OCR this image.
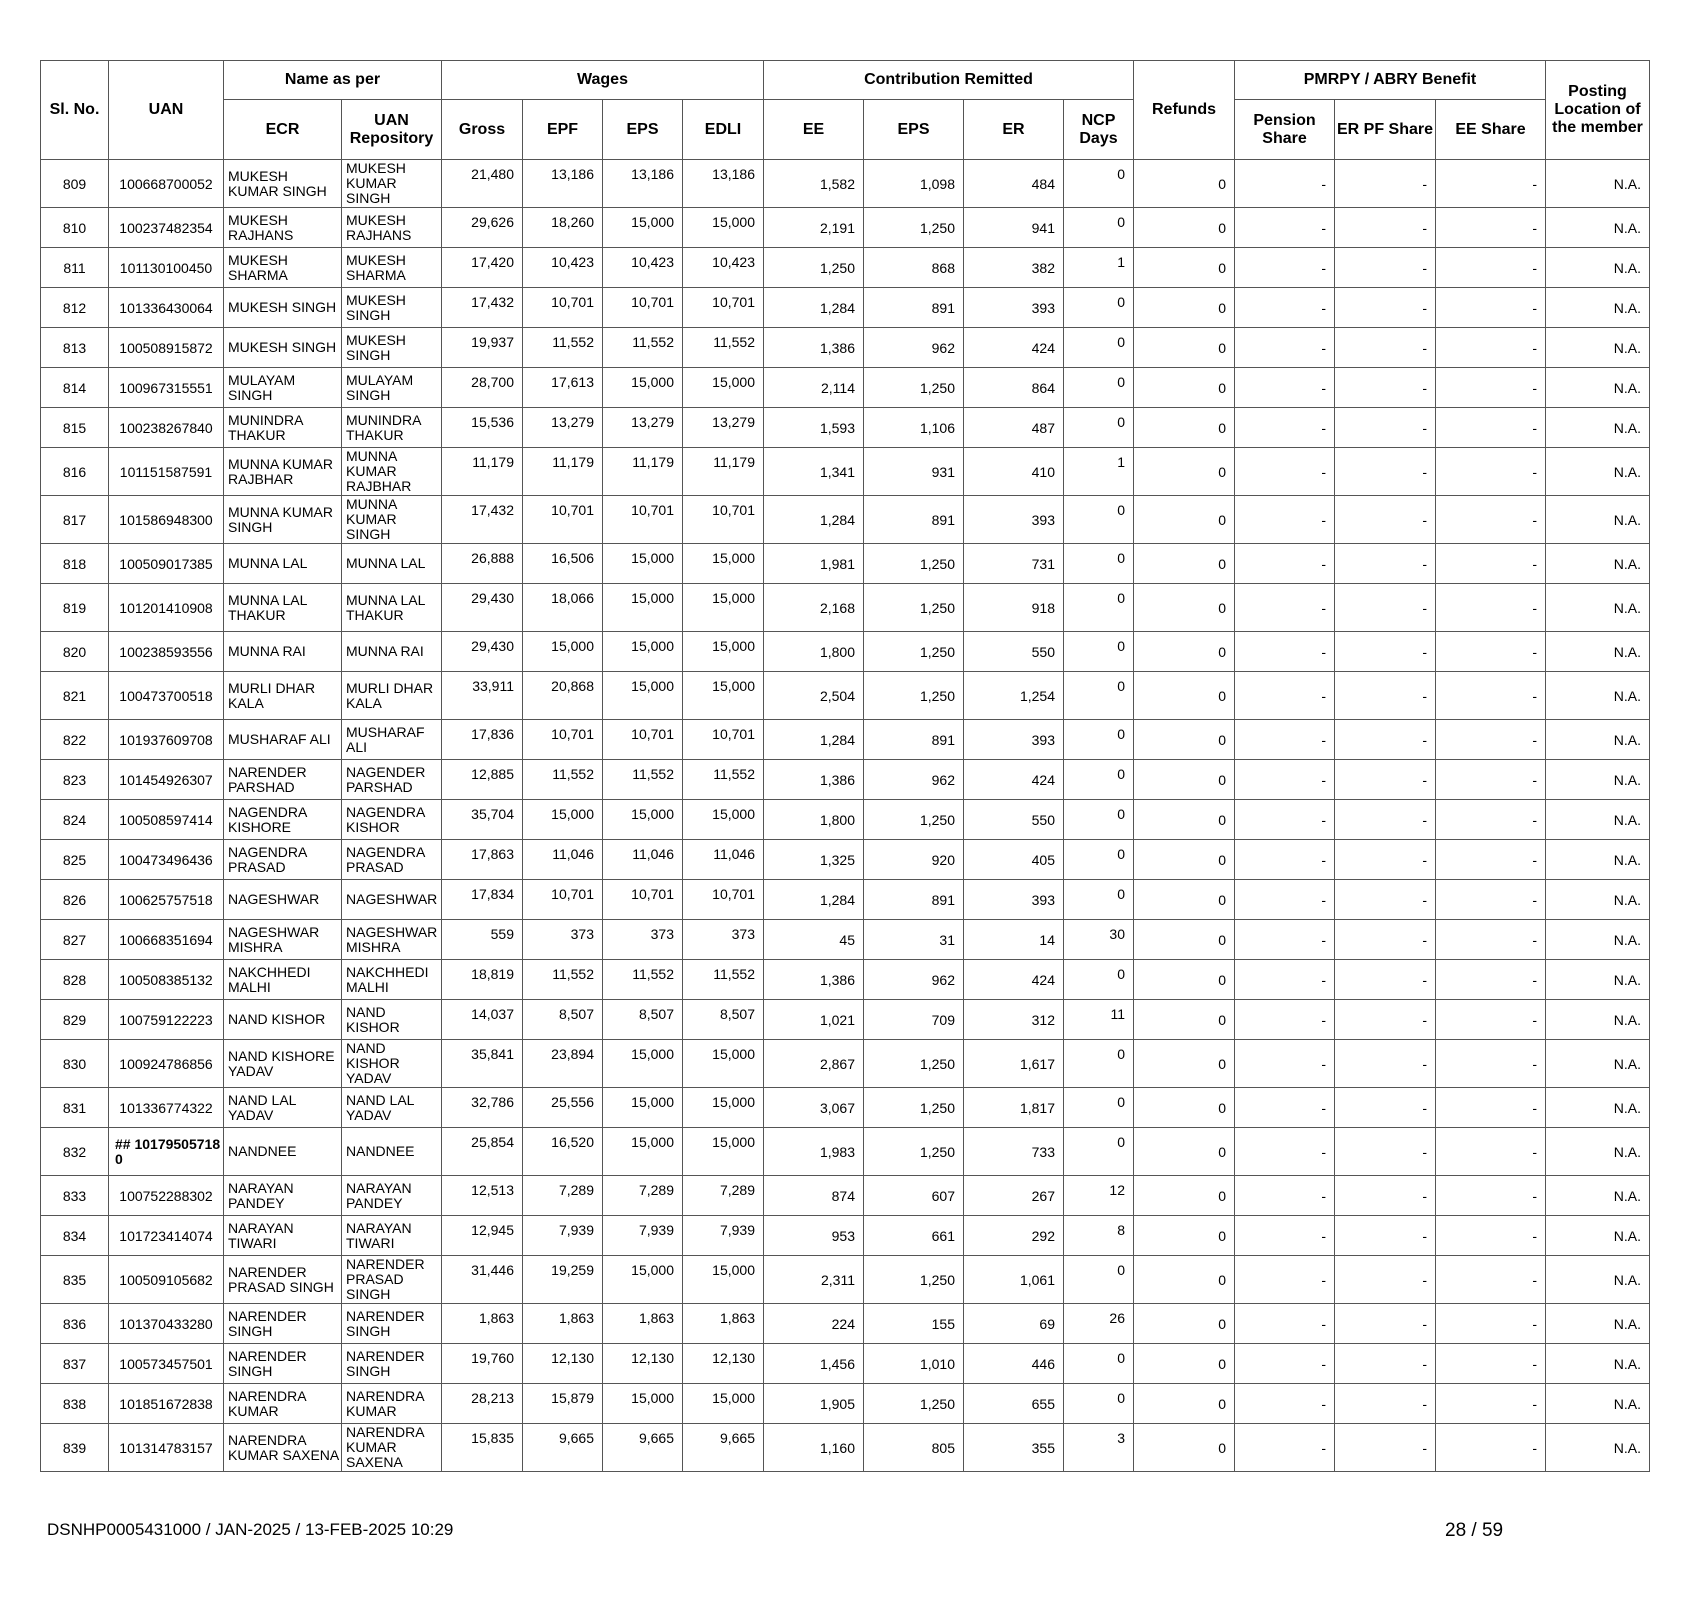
Sl. No.	UAN	Name as per		Wages				Contribution Remitted				Refunds	PMRPY / ABRY Benefit			Posting Location of the member
		ECR	UAN Repository	Gross	EPF	EPS	EDLI	EE	EPS	ER	NCP Days		Pension Share	ER PF Share	EE Share	
809	100668700052	MUKESH KUMAR SINGH	MUKESH KUMAR SINGH	21,480	13,186	13,186	13,186	1,582	1,098	484	0	0	-	-	-	N.A.
810	100237482354	MUKESH RAJHANS	MUKESH RAJHANS	29,626	18,260	15,000	15,000	2,191	1,250	941	0	0	-	-	-	N.A.
811	101130100450	MUKESH SHARMA	MUKESH SHARMA	17,420	10,423	10,423	10,423	1,250	868	382	1	0	-	-	-	N.A.
812	101336430064	MUKESH SINGH	MUKESH SINGH	17,432	10,701	10,701	10,701	1,284	891	393	0	0	-	-	-	N.A.
813	100508915872	MUKESH SINGH	MUKESH SINGH	19,937	11,552	11,552	11,552	1,386	962	424	0	0	-	-	-	N.A.
814	100967315551	MULAYAM SINGH	MULAYAM SINGH	28,700	17,613	15,000	15,000	2,114	1,250	864	0	0	-	-	-	N.A.
815	100238267840	MUNINDRA THAKUR	MUNINDRA THAKUR	15,536	13,279	13,279	13,279	1,593	1,106	487	0	0	-	-	-	N.A.
816	101151587591	MUNNA KUMAR RAJBHAR	MUNNA KUMAR RAJBHAR	11,179	11,179	11,179	11,179	1,341	931	410	1	0	-	-	-	N.A.
817	101586948300	MUNNA KUMAR SINGH	MUNNA KUMAR SINGH	17,432	10,701	10,701	10,701	1,284	891	393	0	0	-	-	-	N.A.
818	100509017385	MUNNA LAL	MUNNA LAL	26,888	16,506	15,000	15,000	1,981	1,250	731	0	0	-	-	-	N.A.
819	101201410908	MUNNA LAL THAKUR	MUNNA LAL THAKUR	29,430	18,066	15,000	15,000	2,168	1,250	918	0	0	-	-	-	N.A.
820	100238593556	MUNNA RAI	MUNNA RAI	29,430	15,000	15,000	15,000	1,800	1,250	550	0	0	-	-	-	N.A.
821	100473700518	MURLI DHAR KALA	MURLI DHAR KALA	33,911	20,868	15,000	15,000	2,504	1,250	1,254	0	0	-	-	-	N.A.
822	101937609708	MUSHARAF ALI	MUSHARAF ALI	17,836	10,701	10,701	10,701	1,284	891	393	0	0	-	-	-	N.A.
823	101454926307	NARENDER PARSHAD	NAGENDER PARSHAD	12,885	11,552	11,552	11,552	1,386	962	424	0	0	-	-	-	N.A.
824	100508597414	NAGENDRA KISHORE	NAGENDRA KISHOR	35,704	15,000	15,000	15,000	1,800	1,250	550	0	0	-	-	-	N.A.
825	100473496436	NAGENDRA PRASAD	NAGENDRA PRASAD	17,863	11,046	11,046	11,046	1,325	920	405	0	0	-	-	-	N.A.
826	100625757518	NAGESHWAR	NAGESHWAR	17,834	10,701	10,701	10,701	1,284	891	393	0	0	-	-	-	N.A.
827	100668351694	NAGESHWAR MISHRA	NAGESHWAR MISHRA	559	373	373	373	45	31	14	30	0	-	-	-	N.A.
828	100508385132	NAKCHHEDI MALHI	NAKCHHEDI MALHI	18,819	11,552	11,552	11,552	1,386	962	424	0	0	-	-	-	N.A.
829	100759122223	NAND KISHOR	NAND KISHOR	14,037	8,507	8,507	8,507	1,021	709	312	11	0	-	-	-	N.A.
830	100924786856	NAND KISHORE YADAV	NAND KISHOR YADAV	35,841	23,894	15,000	15,000	2,867	1,250	1,617	0	0	-	-	-	N.A.
831	101336774322	NAND LAL YADAV	NAND LAL YADAV	32,786	25,556	15,000	15,000	3,067	1,250	1,817	0	0	-	-	-	N.A.
832	## 10179505718 0	NANDNEE	NANDNEE	25,854	16,520	15,000	15,000	1,983	1,250	733	0	0	-	-	-	N.A.
833	100752288302	NARAYAN PANDEY	NARAYAN PANDEY	12,513	7,289	7,289	7,289	874	607	267	12	0	-	-	-	N.A.
834	101723414074	NARAYAN TIWARI	NARAYAN TIWARI	12,945	7,939	7,939	7,939	953	661	292	8	0	-	-	-	N.A.
835	100509105682	NARENDER PRASAD SINGH	NARENDER PRASAD SINGH	31,446	19,259	15,000	15,000	2,311	1,250	1,061	0	0	-	-	-	N.A.
836	101370433280	NARENDER SINGH	NARENDER SINGH	1,863	1,863	1,863	1,863	224	155	69	26	0	-	-	-	N.A.
837	100573457501	NARENDER SINGH	NARENDER SINGH	19,760	12,130	12,130	12,130	1,456	1,010	446	0	0	-	-	-	N.A.
838	101851672838	NARENDRA KUMAR	NARENDRA KUMAR	28,213	15,879	15,000	15,000	1,905	1,250	655	0	0	-	-	-	N.A.
839	101314783157	NARENDRA KUMAR SAXENA	NARENDRA KUMAR SAXENA	15,835	9,665	9,665	9,665	1,160	805	355	3	0	-	-	-	N.A.
DSNHP0005431000 / JAN-2025 / 13-FEB-2025 10:29	28 / 59
